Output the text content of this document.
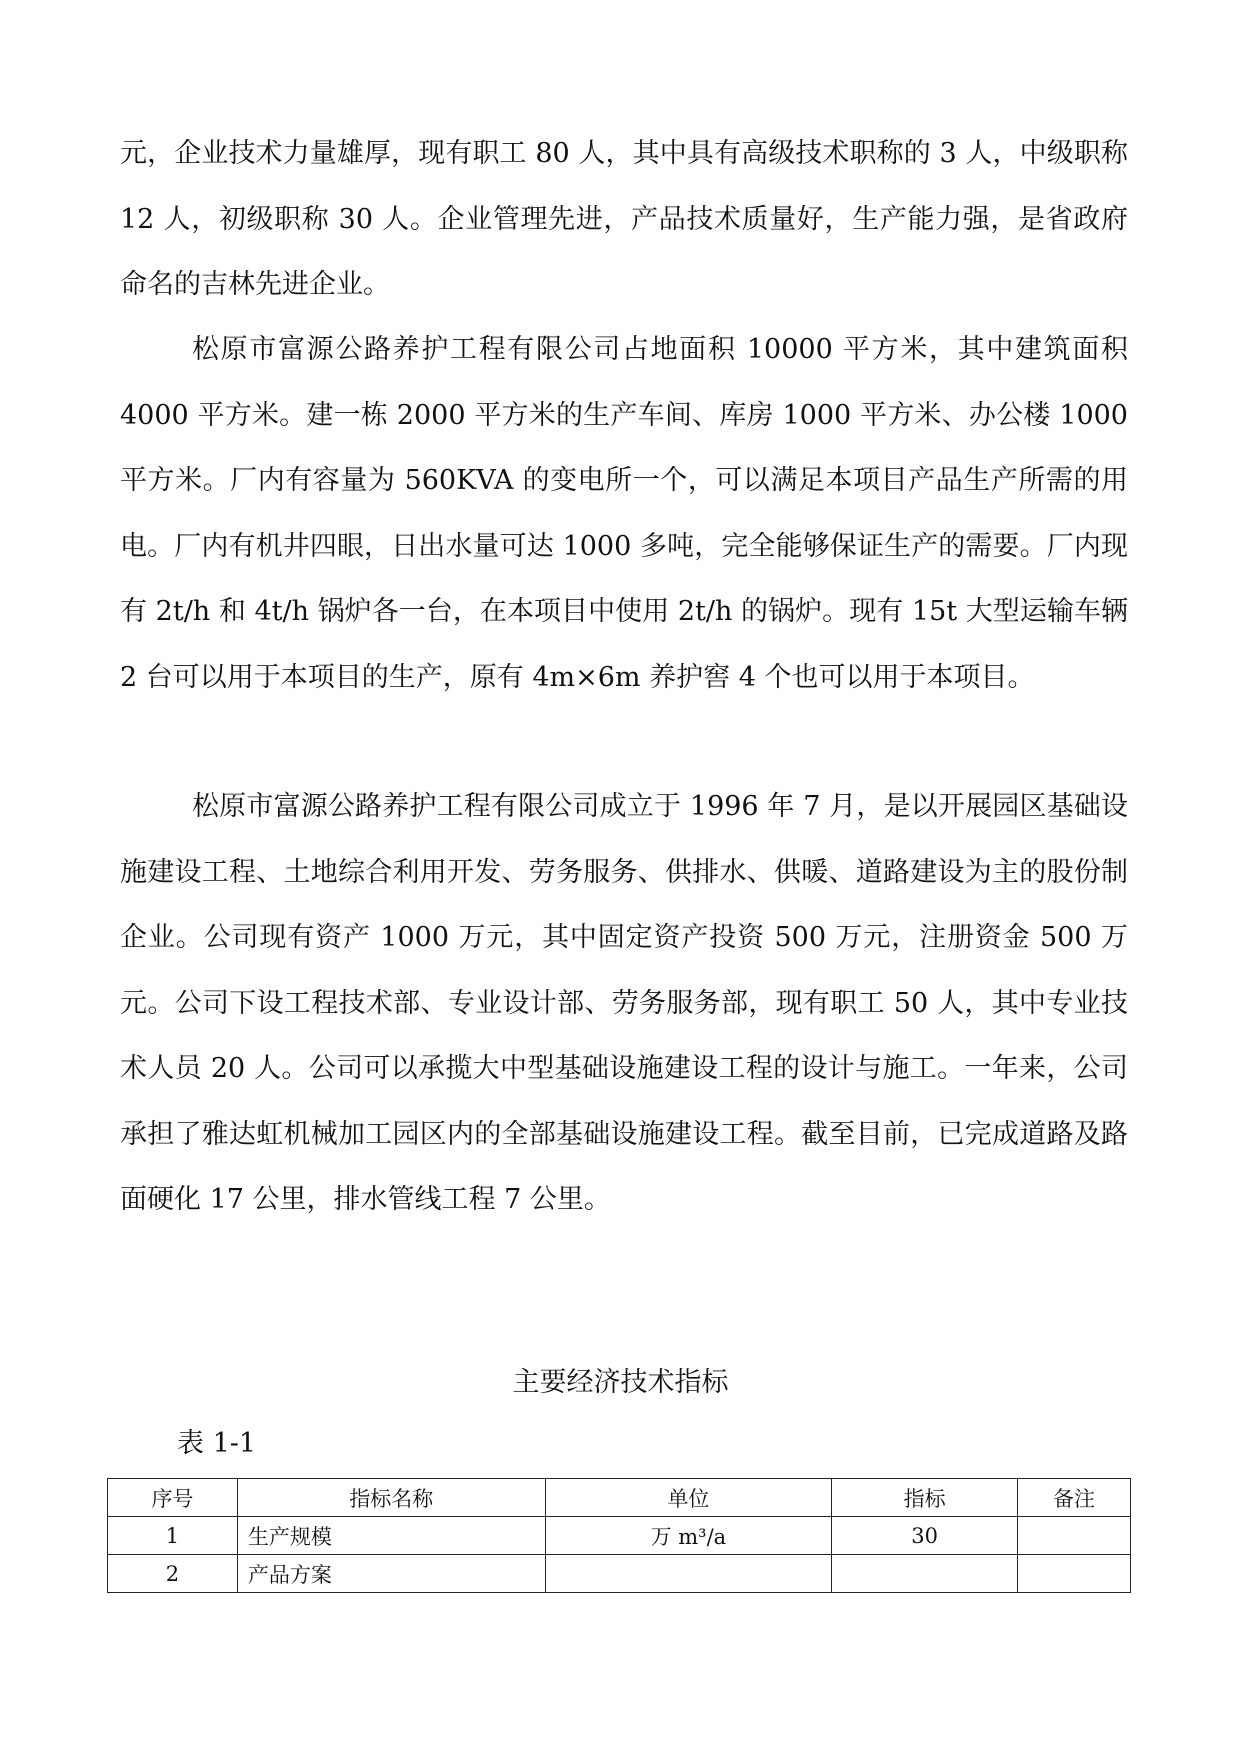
元，企业技术力量雄厚，现有职工 80 人，其中具有高级技术职称的 3 人，中级职称 12 人，初级职称 30 人。企业管理先进，产品技术质量好，生产能力强，是省政府命名的吉林先进企业。

松原市富源公路养护工程有限公司占地面积 10000 平方米，其中建筑面积 4000 平方米。建一栋 2000 平方米的生产车间、库房 1000 平方米、办公楼 1000 平方米。厂内有容量为 560KVA 的变电所一个，可以满足本项目产品生产所需的用电。厂内有机井四眼，日出水量可达 1000 多吨，完全能够保证生产的需要。厂内现有 2t/h 和 4t/h 锅炉各一台，在本项目中使用 2t/h 的锅炉。现有 15t 大型运输车辆 2 台可以用于本项目的生产，原有 4m×6m 养护窖 4 个也可以用于本项目。

松原市富源公路养护工程有限公司成立于 1996 年 7 月，是以开展园区基础设施建设工程、土地综合利用开发、劳务服务、供排水、供暖、道路建设为主的股份制企业。公司现有资产 1000 万元，其中固定资产投资 500 万元，注册资金 500 万元。公司下设工程技术部、专业设计部、劳务服务部，现有职工 50 人，其中专业技术人员 20 人。公司可以承揽大中型基础设施建设工程的设计与施工。一年来，公司承担了雅达虹机械加工园区内的全部基础设施建设工程。截至目前，已完成道路及路面硬化 17 公里，排水管线工程 7 公里。

主要经济技术指标

表 1-1

序号	指标名称	单位	指标	备注
1	生产规模	万 m³/a	30	
2	产品方案			
